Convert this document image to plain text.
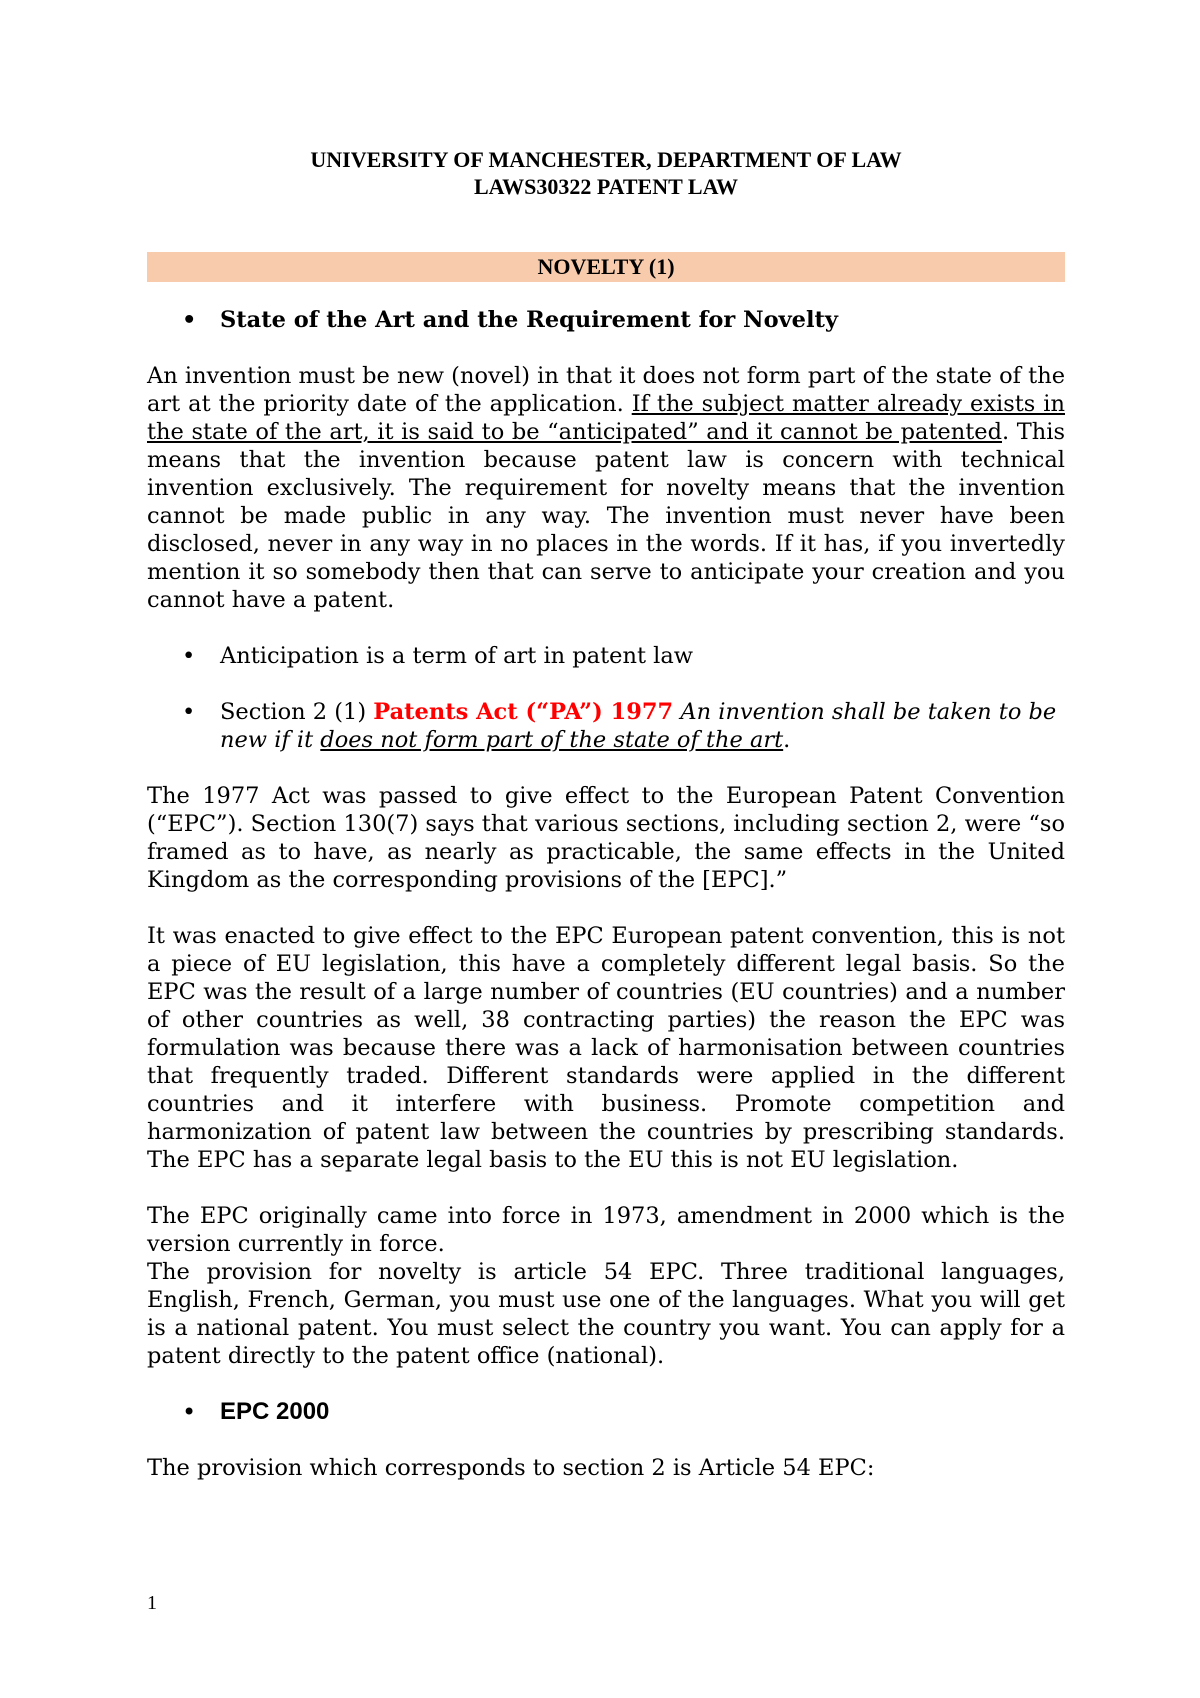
UNIVERSITY OF MANCHESTER, DEPARTMENT OF LAW
LAWS30322 PATENT LAW
NOVELTY (1)
• State of the Art and the Requirement for Novelty

An invention must be new (novel) in that it does not form part of the state of the art at the priority date of the application. If the subject matter already exists in the state of the art, it is said to be “anticipated” and it cannot be patented. This means that the invention because patent law is concern with technical invention exclusively. The requirement for novelty means that the invention cannot be made public in any way. The invention must never have been disclosed, never in any way in no places in the words. If it has, if you invertedly mention it so somebody then that can serve to anticipate your creation and you cannot have a patent.

• Anticipation is a term of art in patent law
• Section 2 (1) Patents Act (“PA”) 1977 An invention shall be taken to be new if it does not form part of the state of the art.

The 1977 Act was passed to give effect to the European Patent Convention (“EPC”). Section 130(7) says that various sections, including section 2, were “so framed as to have, as nearly as practicable, the same effects in the United Kingdom as the corresponding provisions of the [EPC].”

It was enacted to give effect to the EPC European patent convention, this is not a piece of EU legislation, this have a completely different legal basis. So the EPC was the result of a large number of countries (EU countries) and a number of other countries as well, 38 contracting parties) the reason the EPC was formulation was because there was a lack of harmonisation between countries that frequently traded. Different standards were applied in the different countries and it interfere with business. Promote competition and harmonization of patent law between the countries by prescribing standards. The EPC has a separate legal basis to the EU this is not EU legislation.

The EPC originally came into force in 1973, amendment in 2000 which is the version currently in force.

The provision for novelty is article 54 EPC. Three traditional languages, English, French, German, you must use one of the languages. What you will get is a national patent. You must select the country you want. You can apply for a patent directly to the patent office (national).

• EPC 2000

The provision which corresponds to section 2 is Article 54 EPC:

1
